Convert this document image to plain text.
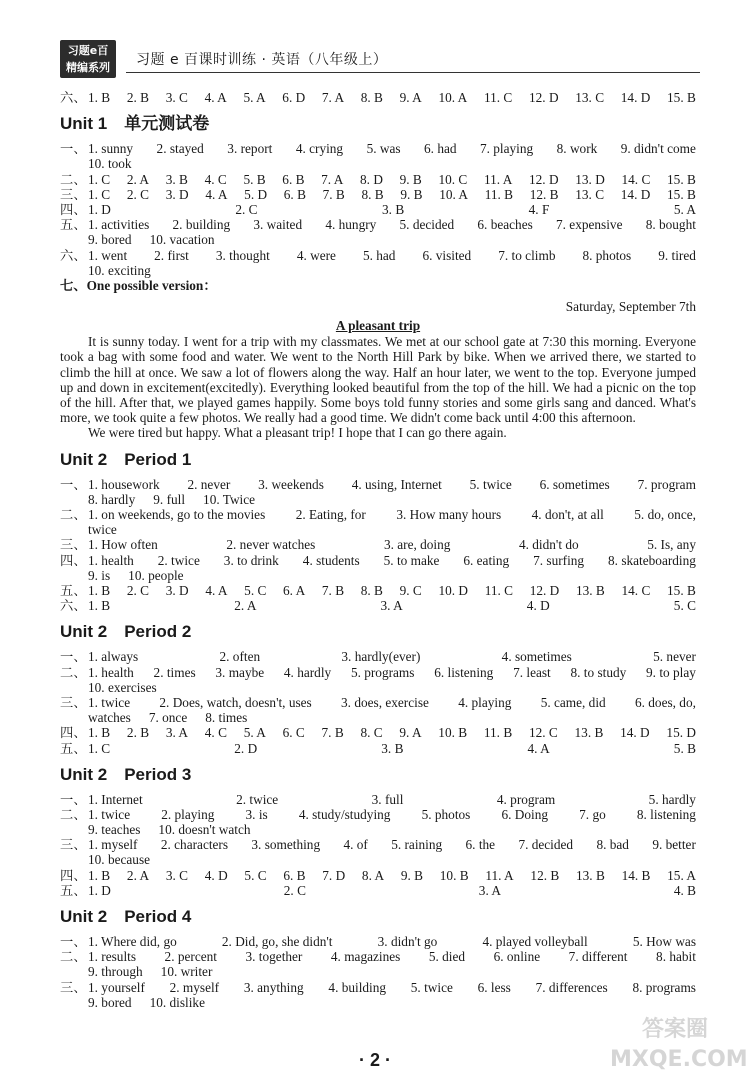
习题e百
精编系列	习题 e 百课时训练 · 英语（八年级上）
六、 1. B 2. B 3. C 4. A 5. A 6. D 7. A 8. B 9. A 10. A 11. C 12. D 13. C 14. D 15. B
Unit 1　单元测试卷
一、 1. sunny 2. stayed 3. report 4. crying 5. was 6. had 7. playing 8. work 9. didn't come
10. took
二、 1. C 2. A 3. B 4. C 5. B 6. B 7. A 8. D 9. B 10. C 11. A 12. D 13. D 14. C 15. B
三、 1. C 2. C 3. D 4. A 5. D 6. B 7. B 8. B 9. B 10. A 11. B 12. B 13. C 14. D 15. B
四、 1. D	2. C	3. B	4. F	5. A
五、 1. activities 2. building 3. waited 4. hungry 5. decided 6. beaches 7. expensive 8. bought
9. bored 10. vacation
六、 1. went 2. first 3. thought 4. were 5. had 6. visited 7. to climb 8. photos 9. tired
10. exciting
七、One possible version：
Saturday, September 7th
A pleasant trip

It is sunny today. I went for a trip with my classmates. We met at our school gate at 7:30 this morning. Everyone took a bag with some food and water. We went to the North Hill Park by bike. When we arrived there, we started to climb the hill at once. We saw a lot of flowers along the way. Half an hour later, we went to the top. Everyone jumped up and down in excitement(excitedly). Everything looked beautiful from the top of the hill. We had a picnic on the top of the hill. After that, we played games happily. Some boys told funny stories and some girls sang and danced. What's more, we took quite a few photos. We really had a good time. We didn't come back until 4:00 this afternoon.

We were tired but happy. What a pleasant trip! I hope that I can go there again.

Unit 2　Period 1
一、 1. housework 2. never 3. weekends 4. using, Internet 5. twice 6. sometimes 7. program
8. hardly 9. full 10. Twice
二、 1. on weekends, go to the movies 2. Eating, for 3. How many hours 4. don't, at all 5. do, once,
twice
三、 1. How often	2. never watches	3. are, doing	4. didn't do	5. Is, any
四、 1. health 2. twice 3. to drink 4. students 5. to make 6. eating 7. surfing 8. skateboarding
9. is 10. people
五、 1. B 2. C 3. D 4. A 5. C 6. A 7. B 8. B 9. C 10. D 11. C 12. D 13. B 14. C 15. B
六、 1. B	2. A	3. A	4. D	5. C
Unit 2　Period 2
一、 1. always	2. often	3. hardly(ever)	4. sometimes	5. never
二、 1. health 2. times 3. maybe 4. hardly 5. programs 6. listening 7. least 8. to study 9. to play
10. exercises
三、 1. twice 2. Does, watch, doesn't, uses 3. does, exercise 4. playing 5. came, did 6. does, do,
watches 7. once 8. times
四、 1. B 2. B 3. A 4. C 5. A 6. C 7. B 8. C 9. A 10. B 11. B 12. C 13. B 14. D 15. D
五、 1. C	2. D	3. B	4. A	5. B
Unit 2　Period 3
一、 1. Internet	2. twice	3. full	4. program	5. hardly
二、 1. twice 2. playing 3. is 4. study/studying 5. photos 6. Doing 7. go 8. listening
9. teaches 10. doesn't watch
三、 1. myself 2. characters 3. something 4. of 5. raining 6. the 7. decided 8. bad 9. better
10. because
四、 1. B 2. A 3. C 4. D 5. C 6. B 7. D 8. A 9. B 10. B 11. A 12. B 13. B 14. B 15. A
五、 1. D	2. C	3. A	4. B
Unit 2　Period 4
一、 1. Where did, go	2. Did, go, she didn't	3. didn't go	4. played volleyball	5. How was
二、 1. results 2. percent 3. together 4. magazines 5. died 6. online 7. different 8. habit
9. through 10. writer
三、 1. yourself 2. myself 3. anything 4. building 5. twice 6. less 7. differences 8. programs
9. bored 10. dislike
答案圈 MXQE.COM
· 2 ·
